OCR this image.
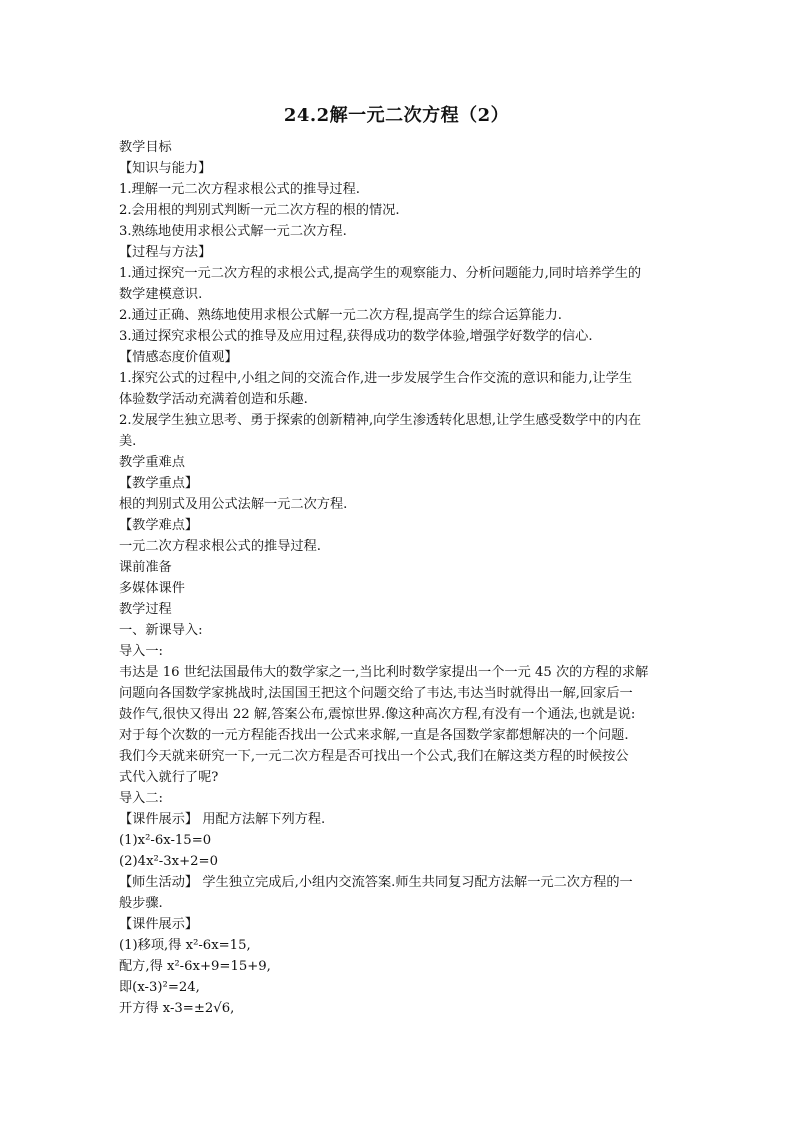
24.2解一元二次方程（2）
教学目标
【知识与能力】
1.理解一元二次方程求根公式的推导过程.
2.会用根的判别式判断一元二次方程的根的情况.
3.熟练地使用求根公式解一元二次方程.
【过程与方法】
1.通过探究一元二次方程的求根公式,提高学生的观察能力、分析问题能力,同时培养学生的
数学建模意识.
2.通过正确、熟练地使用求根公式解一元二次方程,提高学生的综合运算能力.
3.通过探究求根公式的推导及应用过程,获得成功的数学体验,增强学好数学的信心.
【情感态度价值观】
1.探究公式的过程中,小组之间的交流合作,进一步发展学生合作交流的意识和能力,让学生
体验数学活动充满着创造和乐趣.
2.发展学生独立思考、勇于探索的创新精神,向学生渗透转化思想,让学生感受数学中的内在
美.
教学重难点
【教学重点】
根的判别式及用公式法解一元二次方程.
【教学难点】
一元二次方程求根公式的推导过程.
课前准备
多媒体课件
教学过程
一、新课导入:
导入一:
韦达是 16 世纪法国最伟大的数学家之一,当比利时数学家提出一个一元 45 次的方程的求解
问题向各国数学家挑战时,法国国王把这个问题交给了韦达,韦达当时就得出一解,回家后一
鼓作气,很快又得出 22 解,答案公布,震惊世界.像这种高次方程,有没有一个通法,也就是说:
对于每个次数的一元方程能否找出一公式来求解,一直是各国数学家都想解决的一个问题.
我们今天就来研究一下,一元二次方程是否可找出一个公式,我们在解这类方程的时候按公
式代入就行了呢?
导入二:
【课件展示】 用配方法解下列方程.
(1)x²-6x-15=0
(2)4x²-3x+2=0
【师生活动】 学生独立完成后,小组内交流答案.师生共同复习配方法解一元二次方程的一
般步骤.
【课件展示】
(1)移项,得 x²-6x=15,
配方,得 x²-6x+9=15+9,
即(x-3)²=24,
开方得 x-3=±2√6,
